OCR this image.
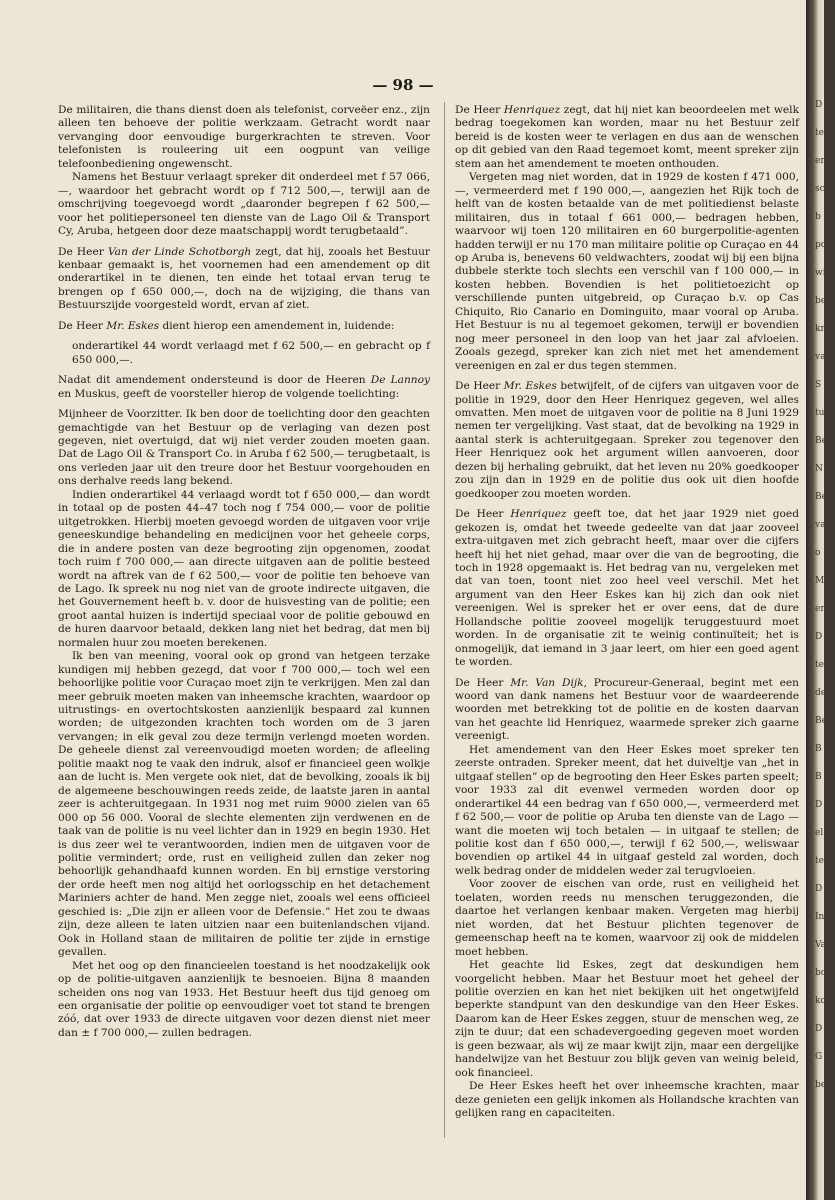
— 98 —

De militairen, die thans dienst doen als telefonist, corveëer enz., zijn alleen ten behoeve der politie werkzaam. Getracht wordt naar vervanging door eenvoudige burgerkrachten te streven. Voor telefonisten is rouleering uit een oogpunt van veilige telefoonbediening ongewenscht.

Namens het Bestuur verlaagt spreker dit onderdeel met f 57 066,—, waardoor het gebracht wordt op f 712 500,—, terwijl aan de omschrijving toegevoegd wordt „daaronder begrepen f 62 500,— voor het politiepersoneel ten dienste van de Lago Oil & Transport Cy, Aruba, hetgeen door deze maatschappij wordt terugbetaald”.

De Heer Van der Linde Schotborgh zegt, dat hij, zooals het Bestuur kenbaar gemaakt is, het voornemen had een amendement op dit onderartikel in te dienen, ten einde het totaal ervan terug te brengen op f 650 000,—, doch na de wijziging, die thans van Bestuurszijde voorgesteld wordt, ervan af ziet.

De Heer Mr. Eskes dient hierop een amendement in, luidende:

onderartikel 44 wordt verlaagd met f 62 500,— en gebracht op f 650 000,—.

Nadat dit amendement ondersteund is door de Heeren De Lannoy en Muskus, geeft de voorsteller hierop de volgende toelichting:

Mijnheer de Voorzitter. Ik ben door de toelichting door den geachten gemachtigde van het Bestuur op de verlaging van dezen post gegeven, niet overtuigd, dat wij niet verder zouden moeten gaan. Dat de Lago Oil & Transport Co. in Aruba f 62 500,— terugbetaalt, is ons verleden jaar uit den treure door het Bestuur voorgehouden en ons derhalve reeds lang bekend.

Indien onderartikel 44 verlaagd wordt tot f 650 000,— dan wordt in totaal op de posten 44–47 toch nog f 754 000,— voor de politie uitgetrokken. Hierbij moeten gevoegd worden de uitgaven voor vrije geneeskundige behandeling en medicijnen voor het geheele corps, die in andere posten van deze begrooting zijn opgenomen, zoodat toch ruim f 700 000,— aan directe uitgaven aan de politie besteed wordt na aftrek van de f 62 500,— voor de politie ten behoeve van de Lago. Ik spreek nu nog niet van de groote indirecte uitgaven, die het Gouvernement heeft b. v. door de huisvesting van de politie; een groot aantal huizen is indertijd speciaal voor de politie gebouwd en de huren daarvoor betaald, dekken lang niet het bedrag, dat men bij normalen huur zou moeten berekenen.

Ik ben van meening, vooral ook op grond van hetgeen terzake kundigen mij hebben gezegd, dat voor f 700 000,— toch wel een behoorlijke politie voor Curaçao moet zijn te verkrijgen. Men zal dan meer gebruik moeten maken van inheemsche krachten, waardoor op uitrustings- en overtochtskosten aanzienlijk bespaard zal kunnen worden; de uitgezonden krachten toch worden om de 3 jaren vervangen; in elk geval zou deze termijn verlengd moeten worden. De geheele dienst zal vereenvoudigd moeten worden; de afleeling politie maakt nog te vaak den indruk, alsof er financieel geen wolkje aan de lucht is. Men vergete ook niet, dat de bevolking, zooals ik bij de algemeene beschouwingen reeds zeide, de laatste jaren in aantal zeer is achteruitgegaan. In 1931 nog met ruim 9000 zielen van 65 000 op 56 000. Vooral de slechte elementen zijn verdwenen en de taak van de politie is nu veel lichter dan in 1929 en begin 1930. Het is dus zeer wel te verantwoorden, indien men de uitgaven voor de politie vermindert; orde, rust en veiligheid zullen dan zeker nog behoorlijk gehandhaafd kunnen worden. En bij ernstige verstoring der orde heeft men nog altijd het oorlogsschip en het detachement Mariniers achter de hand. Men zegge niet, zooals wel eens officieel geschied is: „Die zijn er alleen voor de Defensie.” Het zou te dwaas zijn, deze alleen te laten uitzien naar een buitenlandschen vijand. Ook in Holland staan de militairen de politie ter zijde in ernstige gevallen.

Met het oog op den financieelen toestand is het noodzakelijk ook op de politie-uitgaven aanzienlijk te besnoeien. Bijna 8 maanden scheiden ons nog van 1933. Het Bestuur heeft dus tijd genoeg om een organisatie der politie op eenvoudiger voet tot stand te brengen zóó, dat over 1933 de directe uitgaven voor dezen dienst niet meer dan ± f 700 000,— zullen bedragen.

De Heer Henriquez zegt, dat hij niet kan beoordeelen met welk bedrag toegekomen kan worden, maar nu het Bestuur zelf bereid is de kosten weer te verlagen en dus aan de wenschen op dit gebied van den Raad tegemoet komt, meent spreker zijn stem aan het amendement te moeten onthouden.

Vergeten mag niet worden, dat in 1929 de kosten f 471 000,—, vermeerderd met f 190 000,—, aangezien het Rijk toch de helft van de kosten betaalde van de met politiedienst belaste militairen, dus in totaal f 661 000,— bedragen hebben, waarvoor wij toen 120 militairen en 60 burgerpolitie-agenten hadden terwijl er nu 170 man militaire politie op Curaçao en 44 op Aruba is, benevens 60 veldwachters, zoodat wij bij een bijna dubbele sterkte toch slechts een verschil van f 100 000,— in kosten hebben. Bovendien is het politietoezicht op verschillende punten uitgebreid, op Curaçao b.v. op Cas Chiquito, Rio Canario en Dominguito, maar vooral op Aruba. Het Bestuur is nu al tegemoet gekomen, terwijl er bovendien nog meer personeel in den loop van het jaar zal afvloeien. Zooals gezegd, spreker kan zich niet met het amendement vereenigen en zal er dus tegen stemmen.

De Heer Mr. Eskes betwijfelt, of de cijfers van uitgaven voor de politie in 1929, door den Heer Henriquez gegeven, wel alles omvatten. Men moet de uitgaven voor de politie na 8 Juni 1929 nemen ter vergelijking. Vast staat, dat de bevolking na 1929 in aantal sterk is achteruitgegaan. Spreker zou tegenover den Heer Henriquez ook het argument willen aanvoeren, door dezen bij herhaling gebruikt, dat het leven nu 20% goedkooper zou zijn dan in 1929 en de politie dus ook uit dien hoofde goedkooper zou moeten worden.

De Heer Henriquez geeft toe, dat het jaar 1929 niet goed gekozen is, omdat het tweede gedeelte van dat jaar zooveel extra-uitgaven met zich gebracht heeft, maar over die cijfers heeft hij het niet gehad, maar over die van de begrooting, die toch in 1928 opgemaakt is. Het bedrag van nu, vergeleken met dat van toen, toont niet zoo heel veel verschil. Met het argument van den Heer Eskes kan hij zich dan ook niet vereenigen. Wel is spreker het er over eens, dat de dure Hollandsche politie zooveel mogelijk teruggestuurd moet worden. In de organisatie zit te weinig continuïteit; het is onmogelijk, dat iemand in 3 jaar leert, om hier een goed agent te worden.

De Heer Mr. Van Dijk, Procureur-Generaal, begint met een woord van dank namens het Bestuur voor de waardeerende woorden met betrekking tot de politie en de kosten daarvan van het geachte lid Henriquez, waarmede spreker zich gaarne vereenigt.

Het amendement van den Heer Eskes moet spreker ten zeerste ontraden. Spreker meent, dat het duiveltje van „het in uitgaaf stellen” op de begrooting den Heer Eskes parten speelt; voor 1933 zal dit evenwel vermeden worden door op onderartikel 44 een bedrag van f 650 000,—, vermeerderd met f 62 500,— voor de politie op Aruba ten dienste van de Lago — want die moeten wij toch betalen — in uitgaaf te stellen; de politie kost dan f 650 000,—, terwijl f 62 500,—, weliswaar bovendien op artikel 44 in uitgaaf gesteld zal worden, doch welk bedrag onder de middelen weder zal terugvloeien.

Voor zoover de eischen van orde, rust en veiligheid het toelaten, worden reeds nu menschen teruggezonden, die daartoe het verlangen kenbaar maken. Vergeten mag hierbij niet worden, dat het Bestuur plichten tegenover de gemeenschap heeft na te komen, waarvoor zij ook de middelen moet hebben.

Het geachte lid Eskes, zegt dat deskundigen hem voorgelicht hebben. Maar het Bestuur moet het geheel der politie overzien en kan het niet bekijken uit het ongetwijfeld beperkte standpunt van den deskundige van den Heer Eskes. Daarom kan de Heer Eskes zeggen, stuur de menschen weg, ze zijn te duur; dat een schadevergoeding gegeven moet worden is geen bezwaar, als wij ze maar kwijt zijn, maar een dergelijke handelwijze van het Bestuur zou blijk geven van weinig beleid, ook financieel.

De Heer Eskes heeft het over inheemsche krachten, maar deze genieten een gelijk inkomen als Hollandsche krachten van gelijken rang en capaciteiten.

D
te
en
sc
b
po
wi
be
kr
va
S
tuu
Be
N
Best
van
o
Ma
er
D
ter
de
Be
B
B
D
el
te
D
In
Va
bo
ko
D
G
be
